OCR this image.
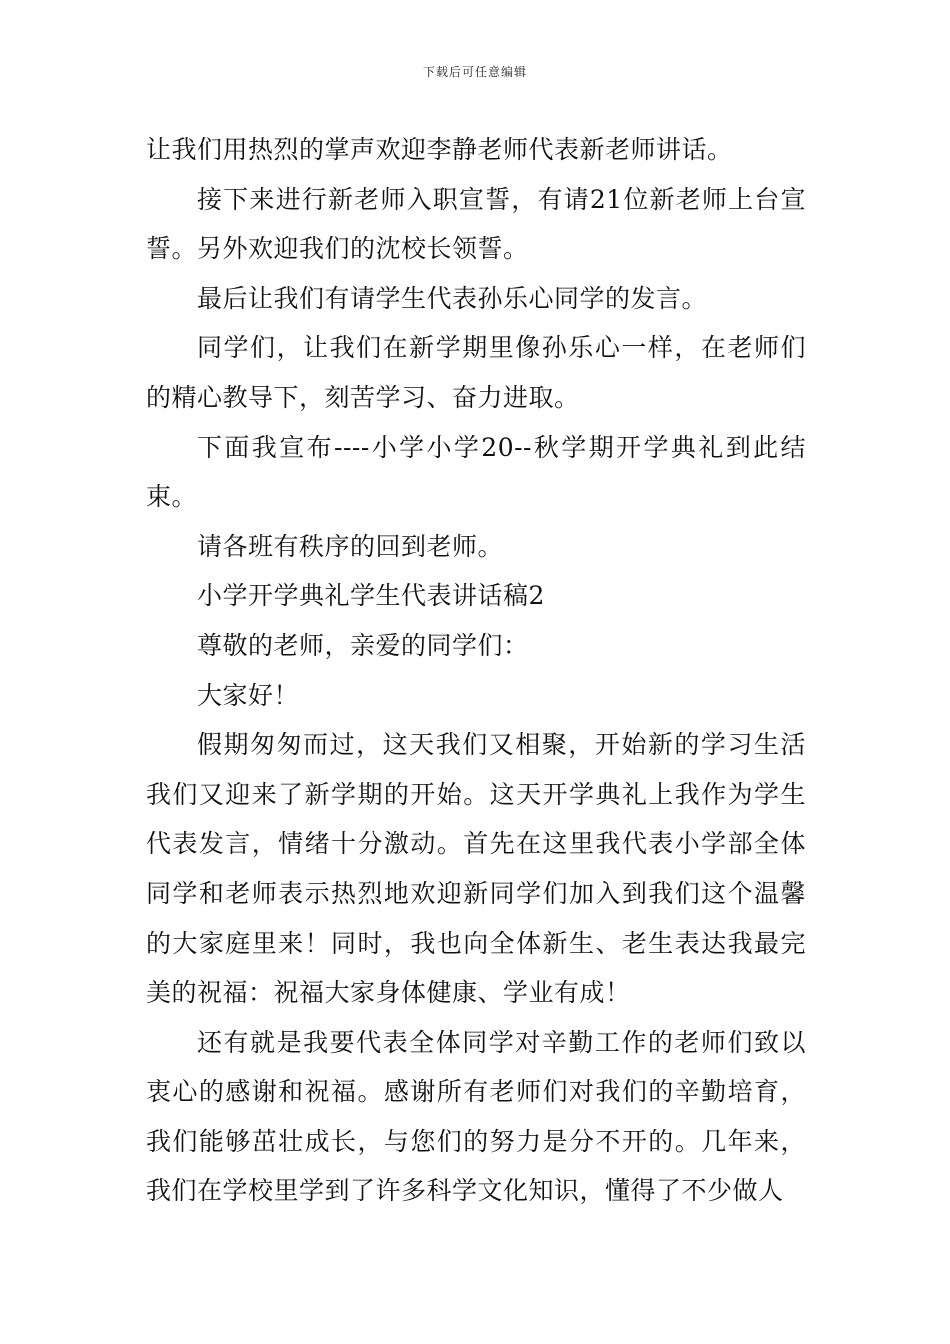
下载后可任意编辑

让我们用热烈的掌声欢迎李静老师代表新老师讲话。

接下来进行新老师入职宣誓，有请21位新老师上台宣誓。另外欢迎我们的沈校长领誓。

最后让我们有请学生代表孙乐心同学的发言。

同学们，让我们在新学期里像孙乐心一样，在老师们的精心教导下，刻苦学习、奋力进取。

下面我宣布----小学小学20--秋学期开学典礼到此结束。

请各班有秩序的回到老师。

小学开学典礼学生代表讲话稿2

尊敬的老师，亲爱的同学们：

大家好！

假期匆匆而过，这天我们又相聚，开始新的学习生活我们又迎来了新学期的开始。这天开学典礼上我作为学生代表发言，情绪十分激动。首先在这里我代表小学部全体同学和老师表示热烈地欢迎新同学们加入到我们这个温馨的大家庭里来！同时，我也向全体新生、老生表达我最完美的祝福：祝福大家身体健康、学业有成！

还有就是我要代表全体同学对辛勤工作的老师们致以衷心的感谢和祝福。感谢所有老师们对我们的辛勤培育，我们能够茁壮成长，与您们的努力是分不开的。几年来，我们在学校里学到了许多科学文化知识，懂得了不少做人
